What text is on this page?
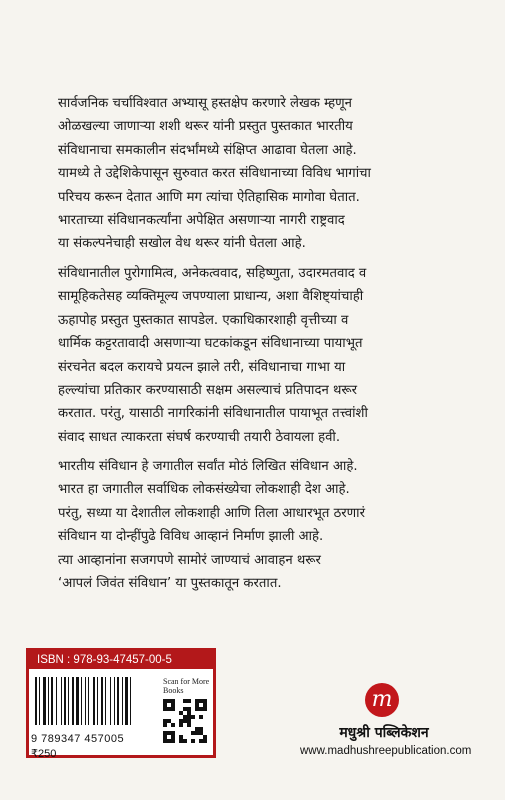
सार्वजनिक चर्चाविश्वात अभ्यासू हस्तक्षेप करणारे लेखक म्हणून
ओळखल्या जाणाऱ्या शशी थरूर यांनी प्रस्तुत पुस्तकात भारतीय
संविधानाचा समकालीन संदर्भांमध्ये संक्षिप्त आढावा घेतला आहे.
यामध्ये ते उद्देशिकेपासून सुरुवात करत संविधानाच्या विविध भागांचा
परिचय करून देतात आणि मग त्यांचा ऐतिहासिक मागोवा घेतात.
भारताच्या संविधानकर्त्यांना अपेक्षित असणाऱ्या नागरी राष्ट्रवाद
या संकल्पनेचाही सखोल वेध थरूर यांनी घेतला आहे.
संविधानातील पुरोगामित्व, अनेकत्ववाद, सहिष्णुता, उदारमतवाद व
सामूहिकतेसह व्यक्तिमूल्य जपण्याला प्राधान्य, अशा वैशिष्ट्यांचाही
ऊहापोह प्रस्तुत पुस्तकात सापडेल. एकाधिकारशाही वृत्तीच्या व
धार्मिक कट्टरतावादी असणाऱ्या घटकांकडून संविधानाच्या पायाभूत
संरचनेत बदल करायचे प्रयत्न झाले तरी, संविधानाचा गाभा या
हल्ल्यांचा प्रतिकार करण्यासाठी सक्षम असल्याचं प्रतिपादन थरूर
करतात. परंतु, यासाठी नागरिकांनी संविधानातील पायाभूत तत्त्वांशी
संवाद साधत त्याकरता संघर्ष करण्याची तयारी ठेवायला हवी.
भारतीय संविधान हे जगातील सर्वांत मोठं लिखित संविधान आहे.
भारत हा जगातील सर्वाधिक लोकसंख्येचा लोकशाही देश आहे.
परंतु, सध्या या देशातील लोकशाही आणि तिला आधारभूत ठरणारं
संविधान या दोन्हींपुढे विविध आव्हानं निर्माण झाली आहे.
त्या आव्हानांना सजगपणे सामोरं जाण्याचं आवाहन थरूर
‘आपलं जिवंत संविधान’ या पुस्तकातून करतात.
ISBN : 978-93-47457-00-5
9 789347 457005
₹250
Scan for More Books	m
मधुश्री पब्लिकेशन
www.madhushreepublication.com
